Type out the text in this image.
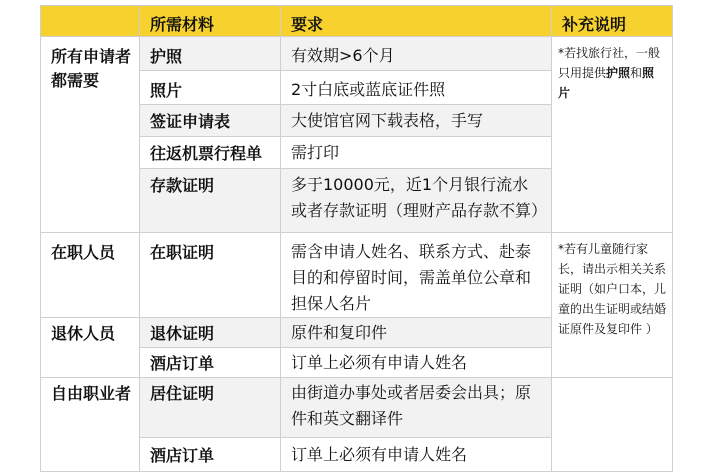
	所需材料	要求	补充说明

所有申请者都需要	护照	有效期>6个月	*若找旅行社，一般只用提供护照和照片

	照片	2寸白底或蓝底证件照	

	签证申请表	大使馆官网下载表格，手写	

	往返机票行程单	需打印	

	存款证明	多于10000元，近1个月银行流水或者存款证明（理财产品存款不算）	

在职人员	在职证明	需含申请人姓名、联系方式、赴泰目的和停留时间，需盖单位公章和担保人名片	*若有儿童随行家长，请出示相关关系证明（如户口本，儿童的出生证明或结婚证原件及复印件 ）

退休人员	退休证明	原件和复印件	

	酒店订单	订单上必须有申请人姓名	

自由职业者	居住证明	由街道办事处或者居委会出具；原件和英文翻译件	

	酒店订单	订单上必须有申请人姓名	
